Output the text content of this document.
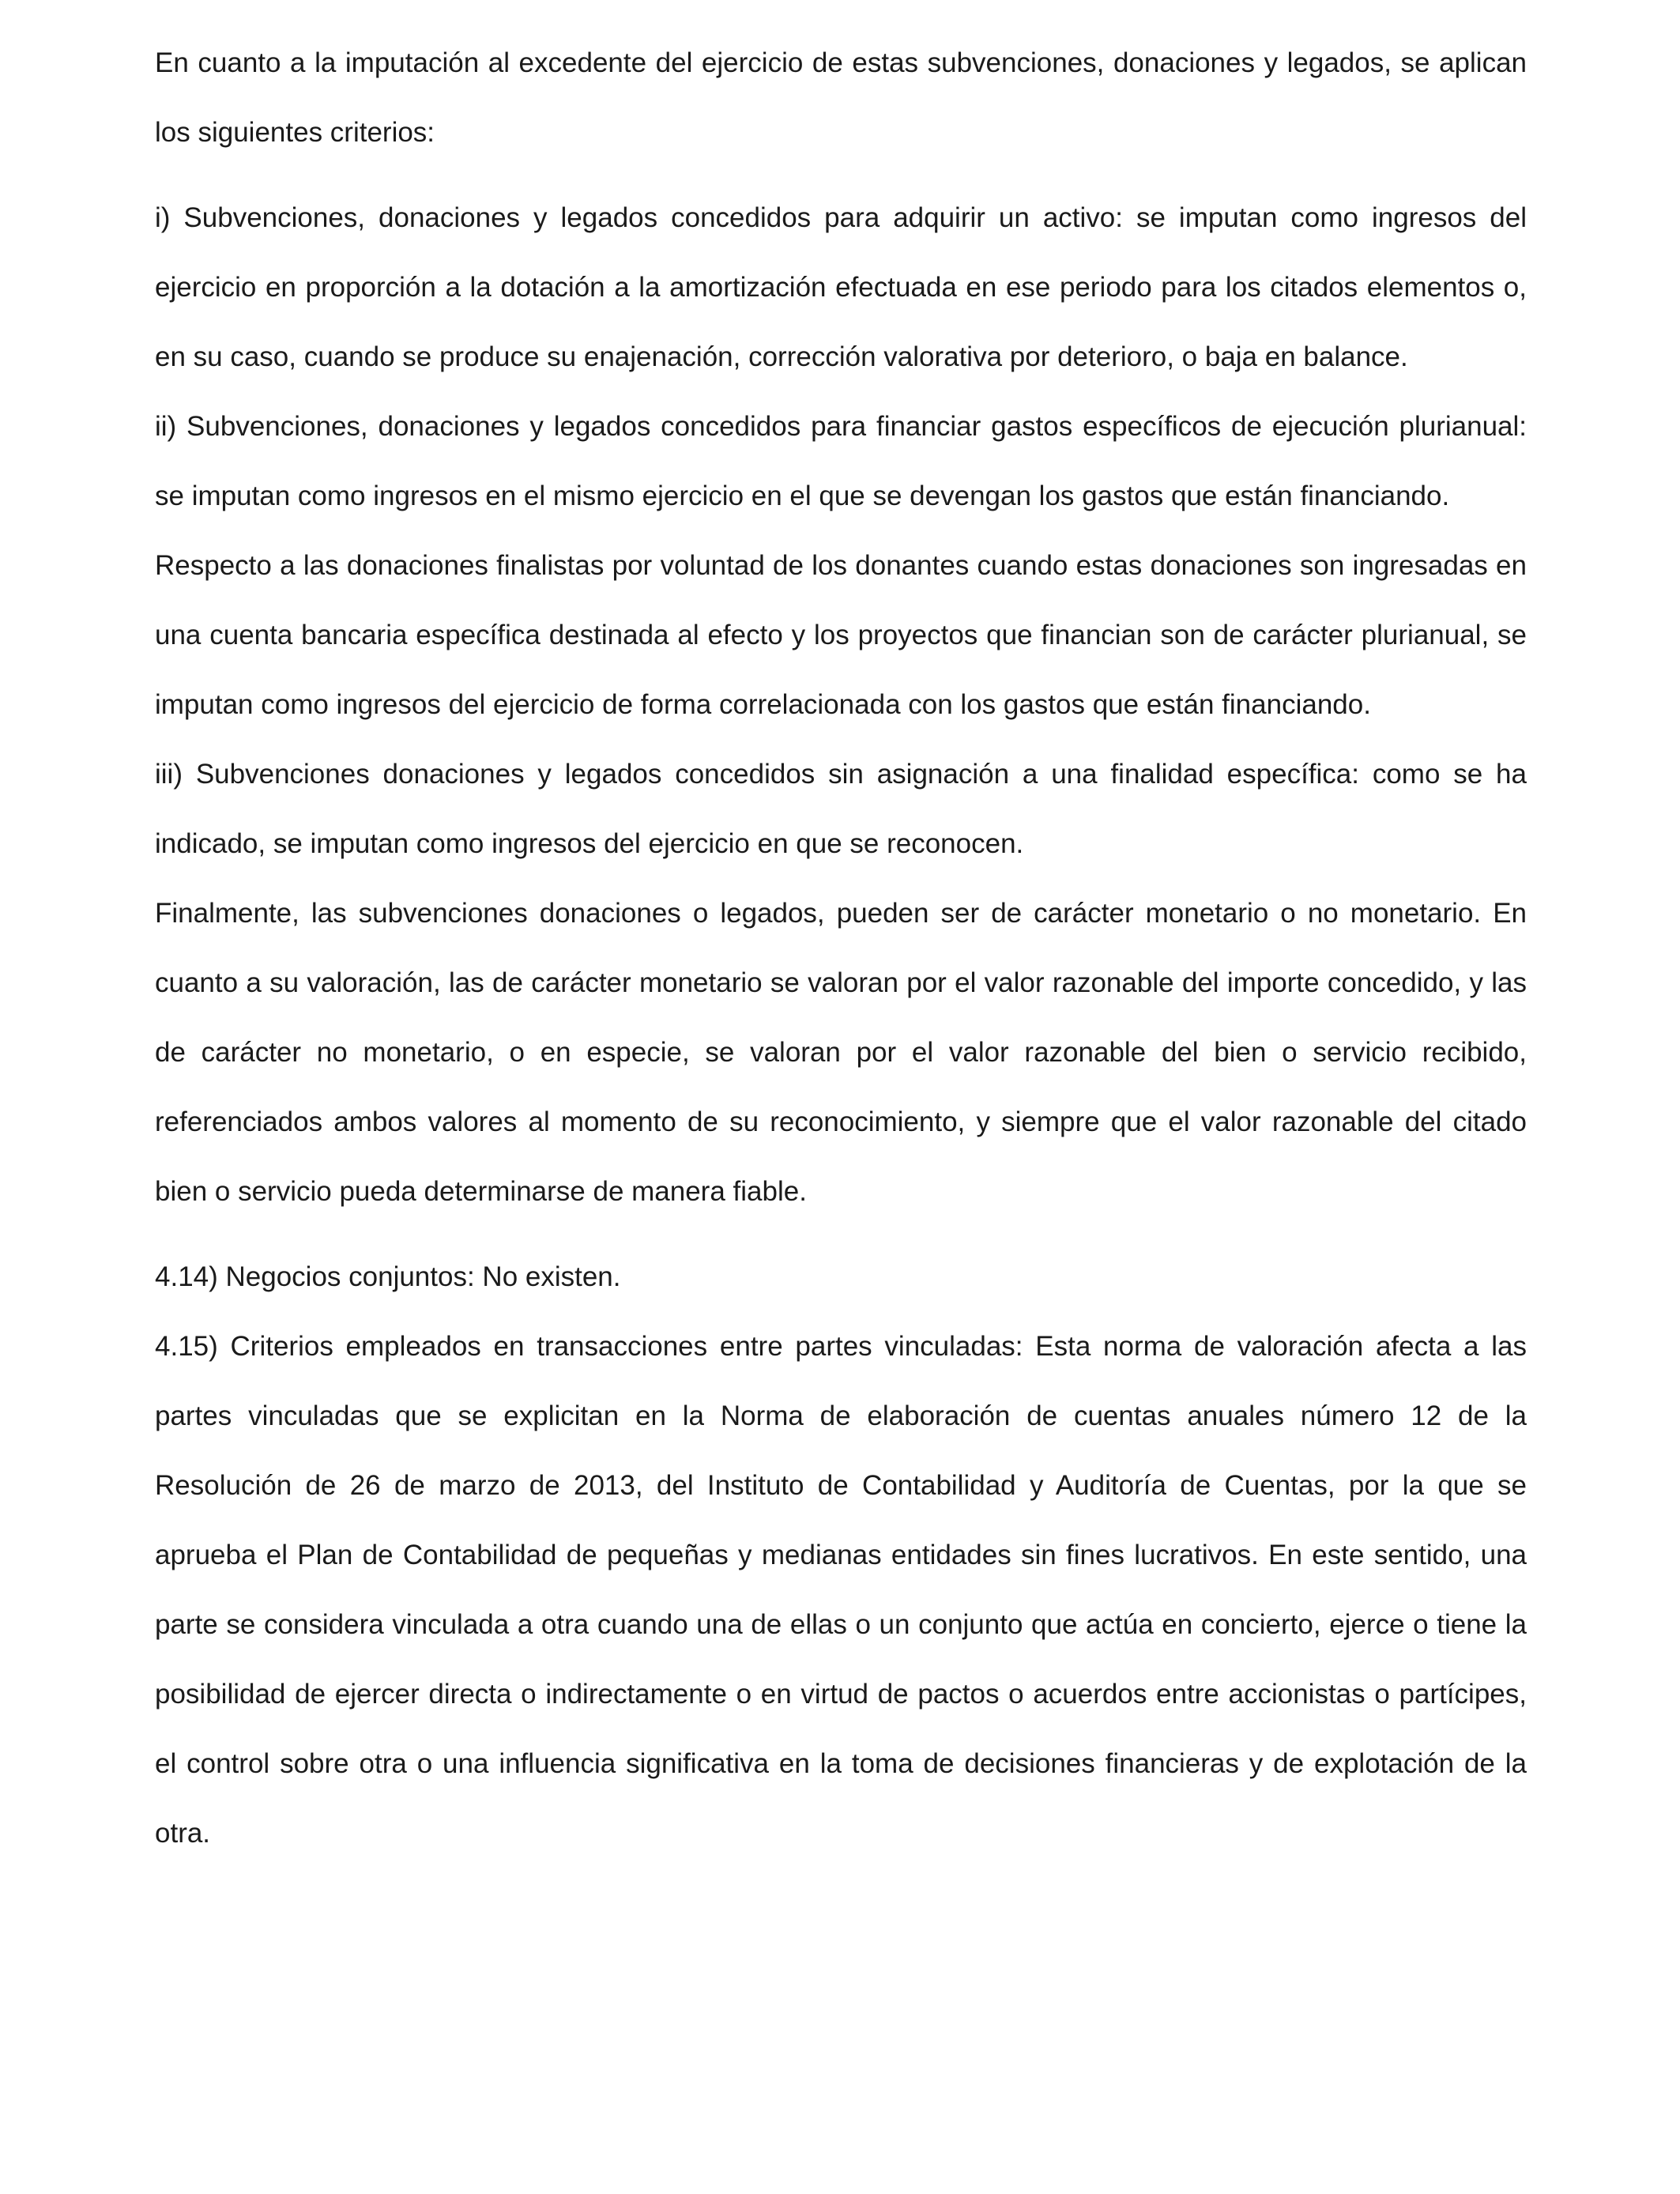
En cuanto a la imputación al excedente del ejercicio de estas subvenciones, donaciones y legados, se aplican los siguientes criterios:

i) Subvenciones, donaciones y legados concedidos para adquirir un activo: se imputan como ingresos del ejercicio en proporción a la dotación a la amortización efectuada en ese periodo para los citados elementos o, en su caso, cuando se produce su enajenación, corrección valorativa por deterioro, o baja en balance.

ii) Subvenciones, donaciones y legados concedidos para financiar gastos específicos de ejecución plurianual: se imputan como ingresos en el mismo ejercicio en el que se devengan los gastos que están financiando.

Respecto a las donaciones finalistas por voluntad de los donantes cuando estas donaciones son ingresadas en una cuenta bancaria específica destinada al efecto y los proyectos que financian son de carácter plurianual, se imputan como ingresos del ejercicio de forma correlacionada con los gastos que están financiando.

iii) Subvenciones donaciones y legados concedidos sin asignación a una finalidad específica: como se ha indicado, se imputan como ingresos del ejercicio en que se reconocen.

Finalmente, las subvenciones donaciones o legados, pueden ser de carácter monetario o no monetario. En cuanto a su valoración, las de carácter monetario se valoran por el valor razonable del importe concedido, y las de carácter no monetario, o en especie, se valoran por el valor razonable del bien o servicio recibido, referenciados ambos valores al momento de su reconocimiento, y siempre que el valor razonable del citado bien o servicio pueda determinarse de manera fiable.

4.14) Negocios conjuntos: No existen.

4.15) Criterios empleados en transacciones entre partes vinculadas: Esta norma de valoración afecta a las partes vinculadas que se explicitan en la Norma de elaboración de cuentas anuales número 12 de la Resolución de 26 de marzo de 2013, del Instituto de Contabilidad y Auditoría de Cuentas, por la que se aprueba el Plan de Contabilidad de pequeñas y medianas entidades sin fines lucrativos. En este sentido, una parte se considera vinculada a otra cuando una de ellas o un conjunto que actúa en concierto, ejerce o tiene la posibilidad de ejercer directa o indirectamente o en virtud de pactos o acuerdos entre accionistas o partícipes, el control sobre otra o una influencia significativa en la toma de decisiones financieras y de explotación de la otra.
